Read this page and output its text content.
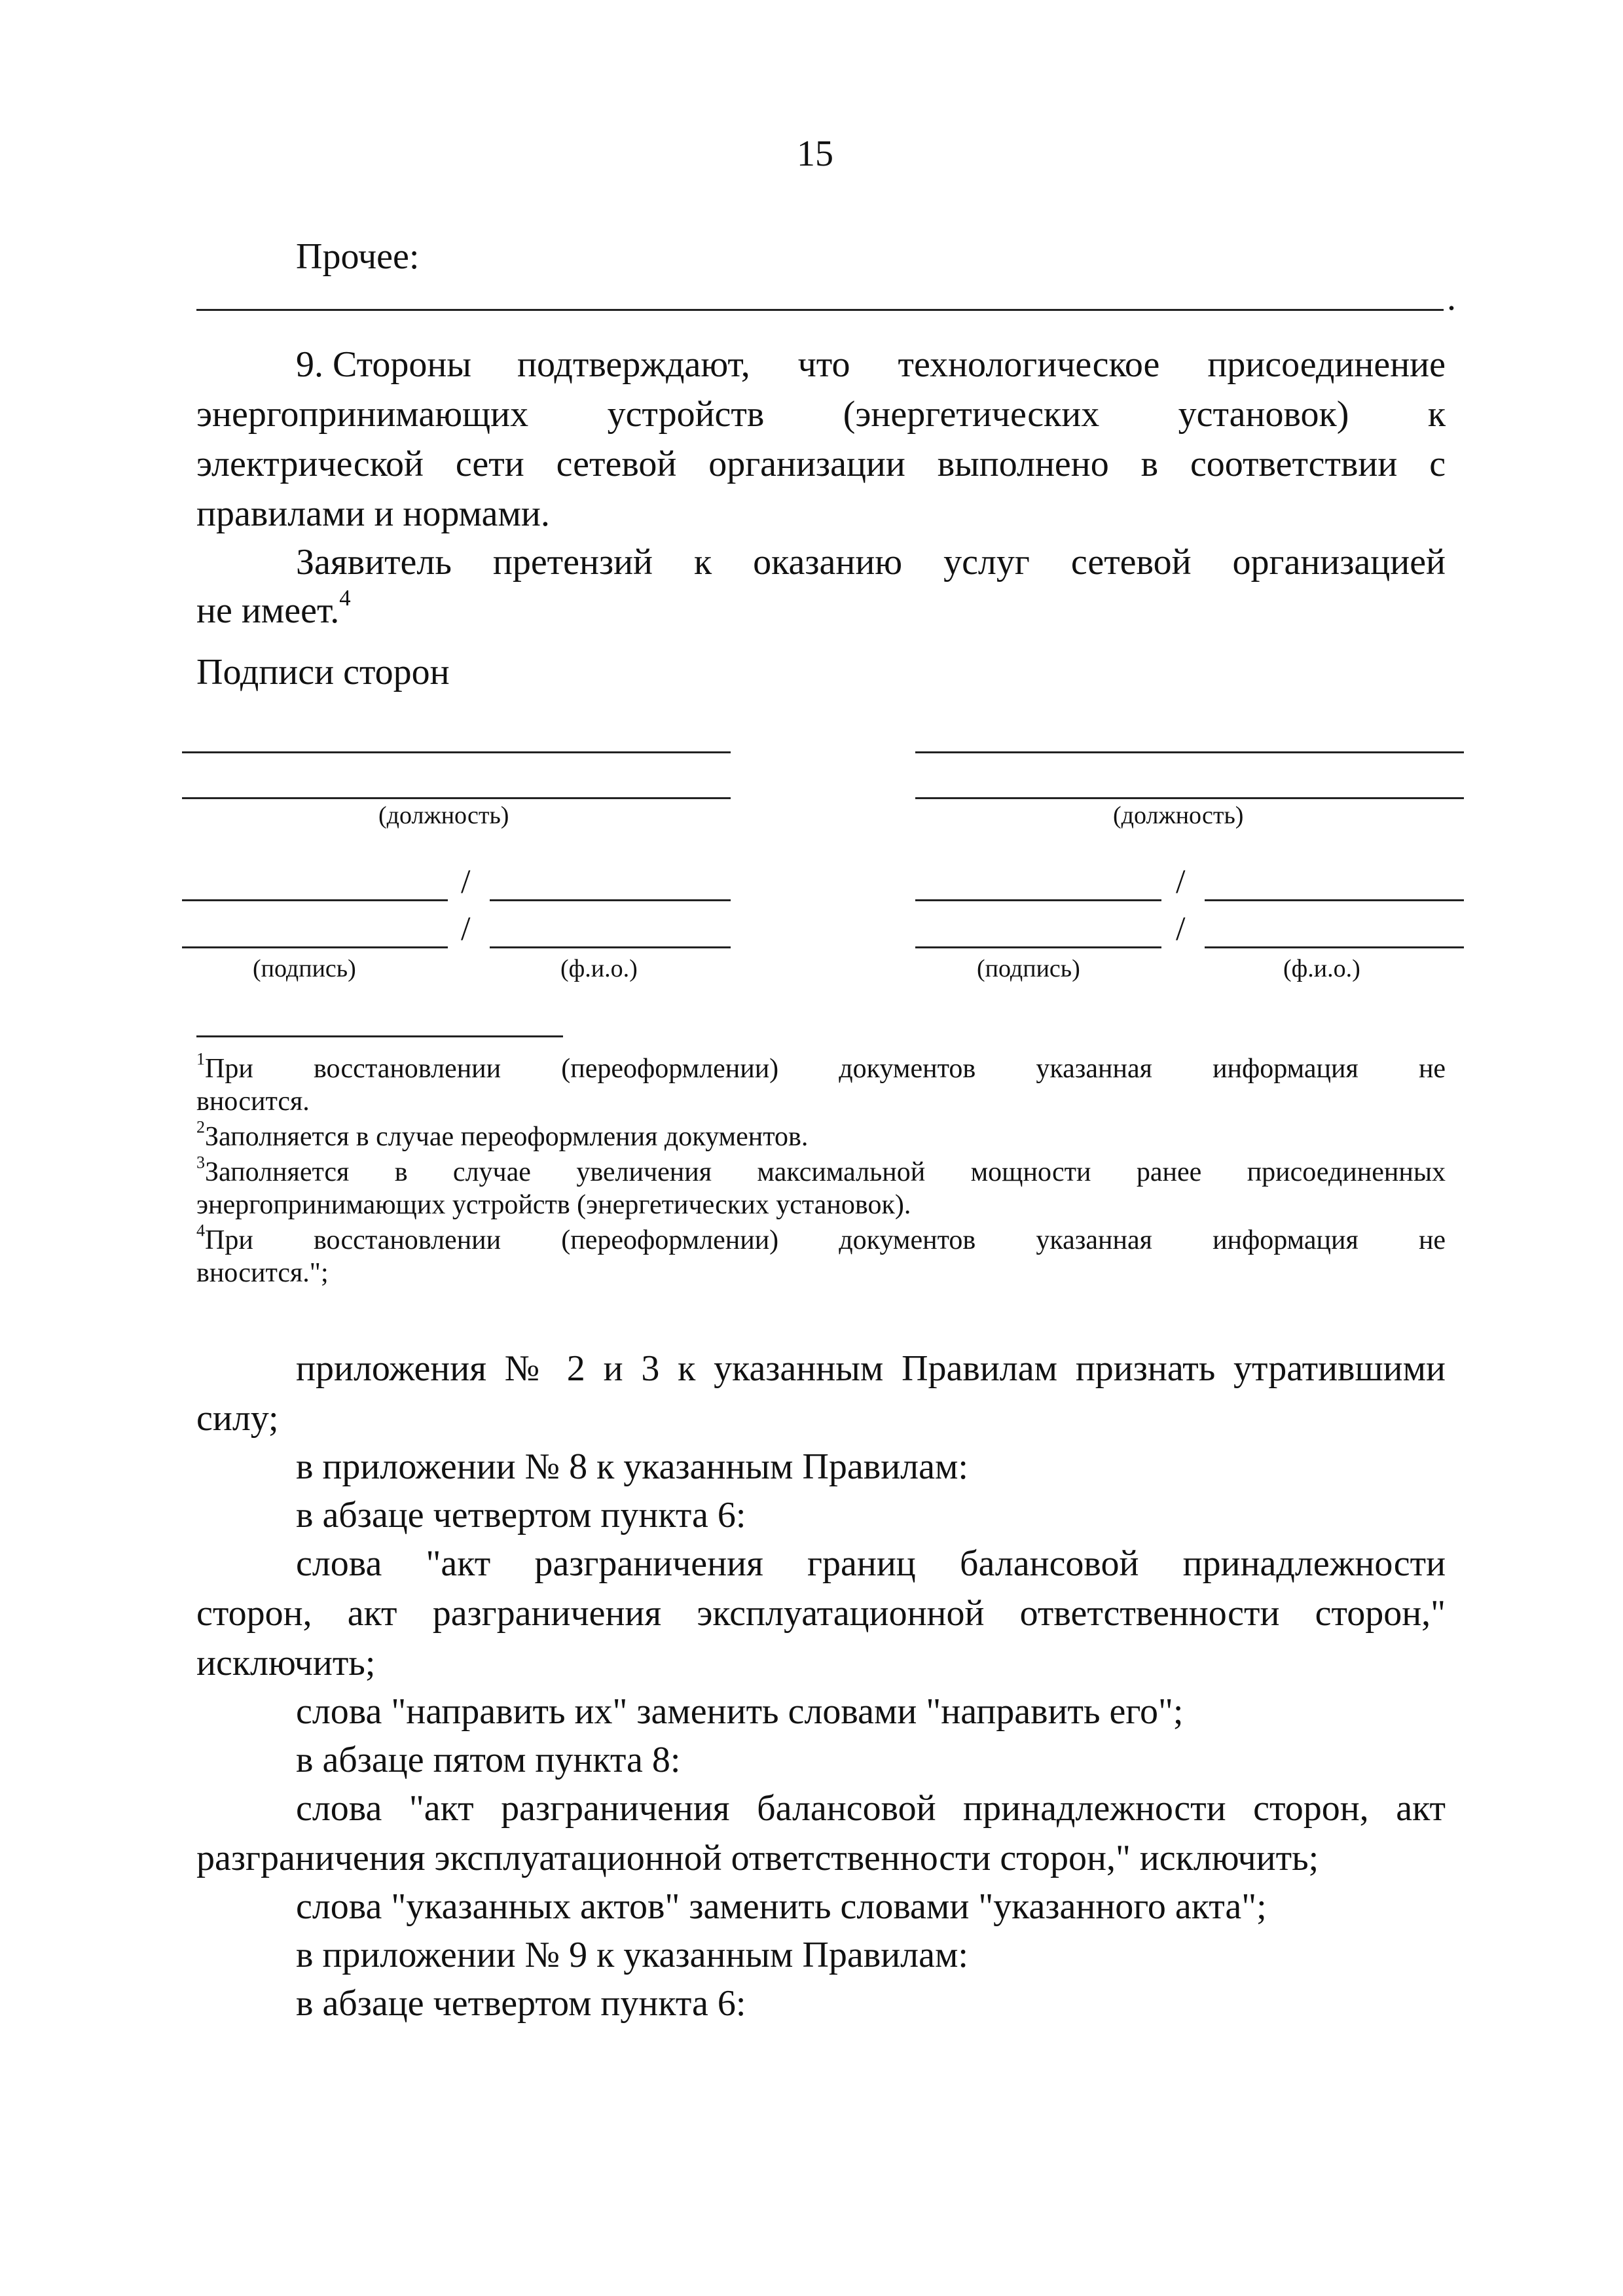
15
Прочее:
.
9. Стороны подтверждают, что технологическое присоединение
энергопринимающих устройств (энергетических установок) к
электрической сети сетевой организации выполнено в соответствии с
правилами и нормами.
Заявитель претензий к оказанию услуг сетевой организацией
не имеет.$^4$
Подписи сторон
(должность)
/
/
(подпись)	(ф.и.о.)
(должность)
/
/
(подпись)	(ф.и.о.)
$^1$При восстановлении (переоформлении) документов указанная информация не
вносится.
$^2$Заполняется в случае переоформления документов.
$^3$Заполняется в случае увеличения максимальной мощности ранее присоединенных
энергопринимающих устройств (энергетических установок).
$^4$При восстановлении (переоформлении) документов указанная информация не
вносится.";
приложения № 2 и 3 к указанным Правилам признать утратившими
силу;
в приложении № 8 к указанным Правилам:
в абзаце четвертом пункта 6:
слова "акт разграничения границ балансовой принадлежности
сторон, акт разграничения эксплуатационной ответственности сторон,"
исключить;
слова "направить их" заменить словами "направить его";
в абзаце пятом пункта 8:
слова "акт разграничения балансовой принадлежности сторон, акт
разграничения эксплуатационной ответственности сторон," исключить;
слова "указанных актов" заменить словами "указанного акта";
в приложении № 9 к указанным Правилам:
в абзаце четвертом пункта 6:
